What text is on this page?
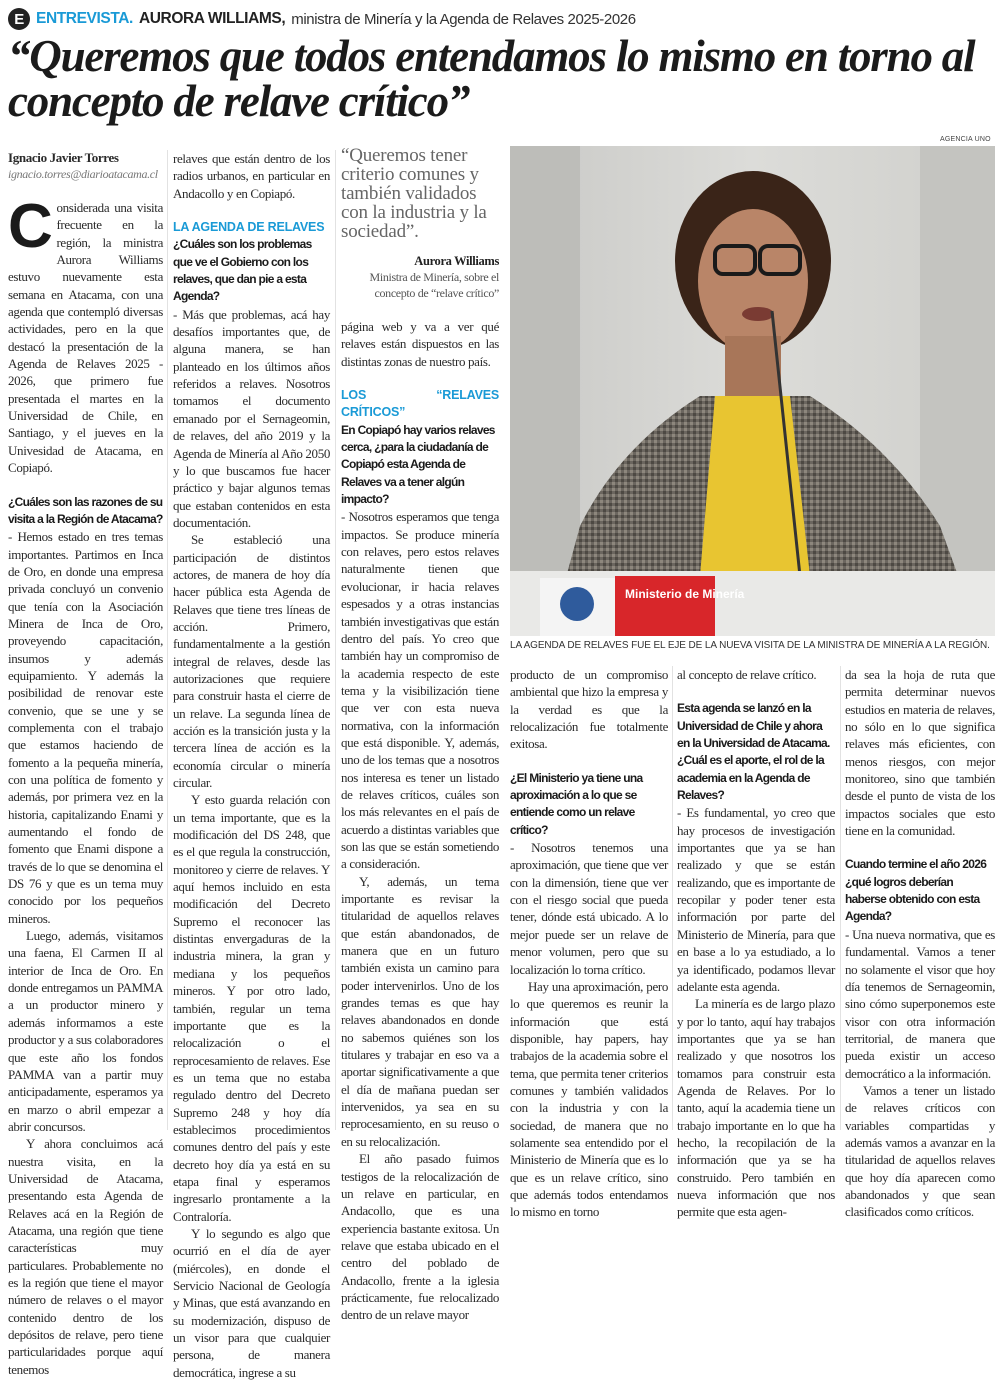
E ENTREVISTA. AURORA WILLIAMS, ministra de Minería y la Agenda de Relaves 2025-2026
“Queremos que todos entendamos lo mismo en torno al concepto de relave crítico”
Ignacio Javier Torres
ignacio.torres@diarioatacama.cl

Considerada una visita frecuente en la región, la ministra Aurora Williams estuvo nuevamente esta semana en Atacama, con una agenda que contempló diversas actividades, pero en la que destacó la presentación de la Agenda de Relaves 2025 - 2026, que primero fue presentada el martes en la Universidad de Chile, en Santiago, y el jueves en la Univesidad de Atacama, en Copiapó.

¿Cuáles son las razones de su visita a la Región de Atacama?

- Hemos estado en tres temas importantes. Partimos en Inca de Oro, en donde una empresa privada concluyó un convenio que tenía con la Asociación Minera de Inca de Oro, proveyendo capacitación, insumos y además equipamiento. Y además la posibilidad de renovar este convenio, que se une y se complementa con el trabajo que estamos haciendo de fomento a la pequeña minería, con una política de fomento y además, por primera vez en la historia, capitalizando Enami y aumentando el fondo de fomento que Enami dispone a través de lo que se denomina el DS 76 y que es un tema muy conocido por los pequeños mineros.

Luego, además, visitamos una faena, El Carmen II al interior de Inca de Oro. En donde entregamos un PAMMA a un productor minero y además informamos a este productor y a sus colaboradores que este año los fondos PAMMA van a partir muy anticipadamente, esperamos ya en marzo o abril empezar a abrir concursos.

Y ahora concluimos acá nuestra visita, en la Universidad de Atacama, presentando esta Agenda de Relaves acá en la Región de Atacama, una región que tiene características muy particulares. Probablemente no es la región que tiene el mayor número de relaves o el mayor contenido dentro de los depósitos de relave, pero tiene particularidades porque aquí tenemos

relaves que están dentro de los radios urbanos, en particular en Andacollo y en Copiapó.

LA AGENDA DE RELAVES
¿Cuáles son los problemas que ve el Gobierno con los relaves, que dan pie a esta Agenda?

- Más que problemas, acá hay desafíos importantes que, de alguna manera, se han planteado en los últimos años referidos a relaves. Nosotros tomamos el documento emanado por el Sernageomin, de relaves, del año 2019 y la Agenda de Minería al Año 2050 y lo que buscamos fue hacer práctico y bajar algunos temas que estaban contenidos en esta documentación.

Se estableció una participación de distintos actores, de manera de hoy día hacer pública esta Agenda de Relaves que tiene tres líneas de acción. Primero, fundamentalmente a la gestión integral de relaves, desde las autorizaciones que requiere para construir hasta el cierre de un relave. La segunda línea de acción es la transición justa y la tercera línea de acción es la economía circular o minería circular.

Y esto guarda relación con un tema importante, que es la modificación del DS 248, que es el que regula la construcción, monitoreo y cierre de relaves. Y aquí hemos incluido en esta modificación del Decreto Supremo el reconocer las distintas envergaduras de la industria minera, la gran y mediana y los pequeños mineros. Y por otro lado, también, regular un tema importante que es la relocalización o el reprocesamiento de relaves. Ese es un tema que no estaba regulado dentro del Decreto Supremo 248 y hoy día establecimos procedimientos comunes dentro del país y este decreto hoy día ya está en su etapa final y esperamos ingresarlo prontamente a la Contraloría.

Y lo segundo es algo que ocurrió en el día de ayer (miércoles), en donde el Servicio Nacional de Geología y Minas, que está avanzando en su modernización, dispuso de un visor para que cualquier persona, de manera democrática, ingrese a su

“Queremos tener criterio comunes y también validados con la industria y la sociedad”.
Aurora Williams
Ministra de Minería, sobre el concepto de “relave crítico”

página web y va a ver qué relaves están dispuestos en las distintas zonas de nuestro país.

LOS “RELAVES CRÍTICOS”
En Copiapó hay varios relaves cerca, ¿para la ciudadanía de Copiapó esta Agenda de Relaves va a tener algún impacto?

- Nosotros esperamos que tenga impactos. Se produce minería con relaves, pero estos relaves naturalmente tienen que evolucionar, ir hacia relaves espesados y a otras instancias también investigativas que están dentro del país. Yo creo que también hay un compromiso de la academia respecto de este tema y la visibilización tiene que ver con esta nueva normativa, con la información que está disponible. Y, además, uno de los temas que a nosotros nos interesa es tener un listado de relaves críticos, cuáles son los más relevantes en el país de acuerdo a distintas variables que son las que se están sometiendo a consideración.

Y, además, un tema importante es revisar la titularidad de aquellos relaves que están abandonados, de manera que en un futuro también exista un camino para poder intervenirlos. Uno de los grandes temas es que hay relaves abandonados en donde no sabemos quiénes son los titulares y trabajar en eso va a aportar significativamente a que el día de mañana puedan ser intervenidos, ya sea en su reprocesamiento, en su reuso o en su relocalización.

El año pasado fuimos testigos de la relocalización de un relave en particular, en Andacollo, que es una experiencia bastante exitosa. Un relave que estaba ubicado en el centro del poblado de Andacollo, frente a la iglesia prácticamente, fue relocalizado dentro de un relave mayor

AGENCIA UNO
Ministerio de Minería
LA AGENDA DE RELAVES FUE EL EJE DE LA NUEVA VISITA DE LA MINISTRA DE MINERÍA A LA REGIÓN.

producto de un compromiso ambiental que hizo la empresa y la verdad es que la relocalización fue totalmente exitosa.

¿El Ministerio ya tiene una aproximación a lo que se entiende como un relave crítico?

- Nosotros tenemos una aproximación, que tiene que ver con la dimensión, tiene que ver con el riesgo social que pueda tener, dónde está ubicado. A lo mejor puede ser un relave de menor volumen, pero que su localización lo torna crítico.

Hay una aproximación, pero lo que queremos es reunir la información que está disponible, hay papers, hay trabajos de la academia sobre el tema, que permita tener criterios comunes y también validados con la industria y con la sociedad, de manera que no solamente sea entendido por el Ministerio de Minería que es lo que es un relave crítico, sino que además todos entendamos lo mismo en torno

al concepto de relave crítico.

Esta agenda se lanzó en la Universidad de Chile y ahora en la Universidad de Atacama. ¿Cuál es el aporte, el rol de la academia en la Agenda de Relaves?

- Es fundamental, yo creo que hay procesos de investigación importantes que ya se han realizado y que se están realizando, que es importante de recopilar y poder tener esta información por parte del Ministerio de Minería, para que en base a lo ya estudiado, a lo ya identificado, podamos llevar adelante esta agenda.

La minería es de largo plazo y por lo tanto, aquí hay trabajos importantes que ya se han realizado y que nosotros los tomamos para construir esta Agenda de Relaves. Por lo tanto, aquí la academia tiene un trabajo importante en lo que ha hecho, la recopilación de la información que ya se ha construido. Pero también en nueva información que nos permite que esta agen-

da sea la hoja de ruta que permita determinar nuevos estudios en materia de relaves, no sólo en lo que significa relaves más eficientes, con menos riesgos, con mejor monitoreo, sino que también desde el punto de vista de los impactos sociales que esto tiene en la comunidad.

Cuando termine el año 2026 ¿qué logros deberían haberse obtenido con esta Agenda?

- Una nueva normativa, que es fundamental. Vamos a tener no solamente el visor que hoy día tenemos de Sernageomin, sino cómo superponemos este visor con otra información territorial, de manera que pueda existir un acceso democrático a la información.

Vamos a tener un listado de relaves críticos con variables compartidas y además vamos a avanzar en la titularidad de aquellos relaves que hoy día aparecen como abandonados y que sean clasificados como críticos.
